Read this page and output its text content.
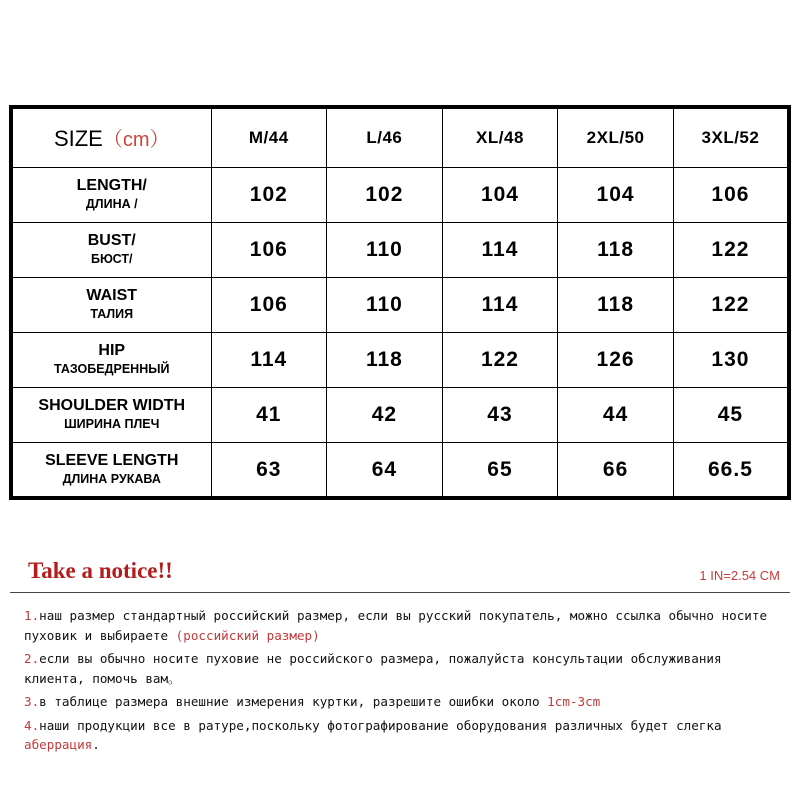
SIZE（cm）	M/44	L/46	XL/48	2XL/50	3XL/52

LENGTH/
ДЛИНА /	102	102	104	104	106

BUST/
БЮСТ/	106	110	114	118	122

WAIST
ТАЛИЯ	106	110	114	118	122

HIP
ТАЗОБЕДРЕННЫЙ	114	118	122	126	130

SHOULDER WIDTH
ШИРИНА ПЛЕЧ	41	42	43	44	45

SLEEVE LENGTH
ДЛИНА РУКАВА	63	64	65	66	66.5
Take a notice!!	1 IN=2.54 CM

1.наш размер стандартный российский размер, если вы русский покупатель, можно ссылка обычно носите пуховик и выбираете (российский размер)

2.если вы обычно носите пуховие не российского размера, пожалуйста консультации обслуживания клиента, помочь вам。

3.в таблице размера внешние измерения куртки, разрешите ошибки около 1cm-3cm

4.наши продукции все в ратуре,поскольку фотографирование оборудования различных будет слегка аберрация.
